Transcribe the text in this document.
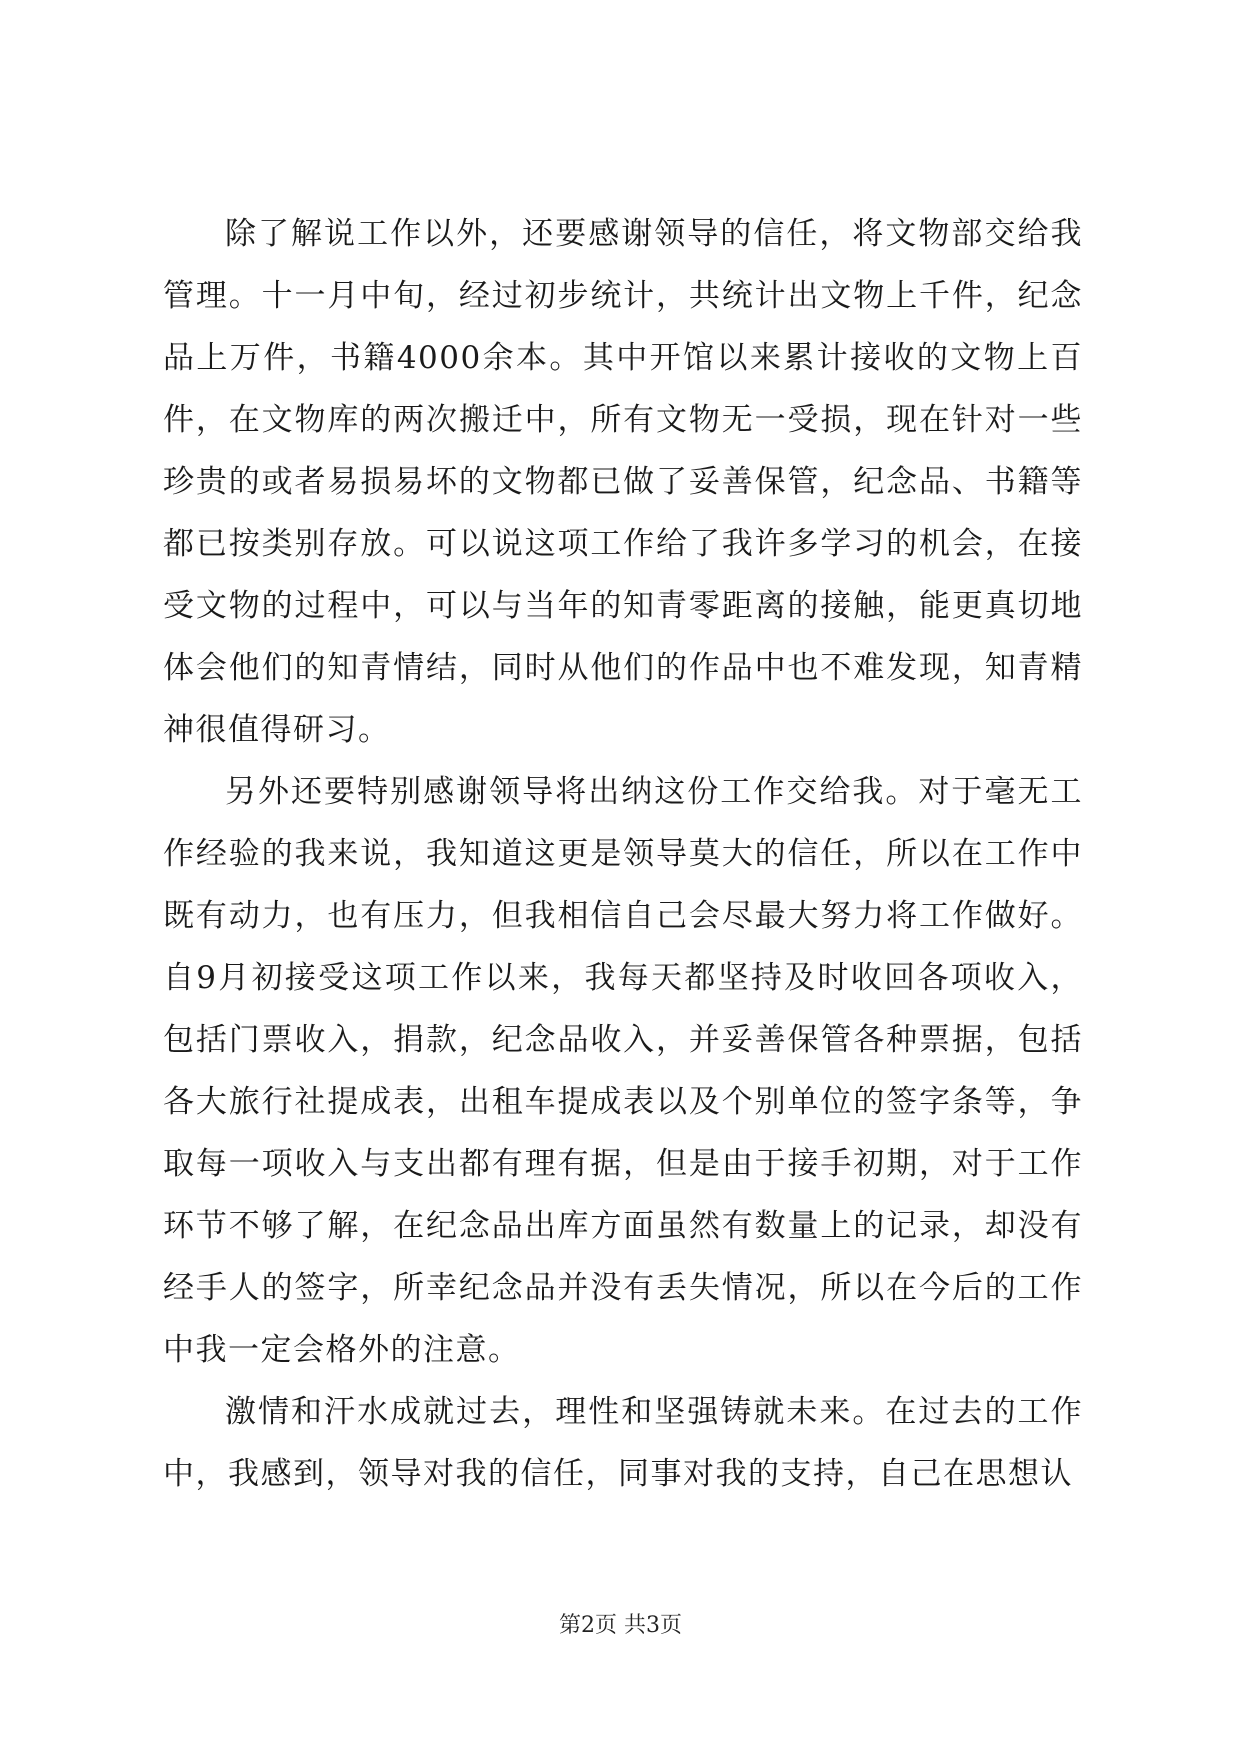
除了解说工作以外，还要感谢领导的信任，将文物部交给我管理。十一月中旬，经过初步统计，共统计出文物上千件，纪念品上万件，书籍4000余本。其中开馆以来累计接收的文物上百件，在文物库的两次搬迁中，所有文物无一受损，现在针对一些珍贵的或者易损易坏的文物都已做了妥善保管，纪念品、书籍等都已按类别存放。可以说这项工作给了我许多学习的机会，在接受文物的过程中，可以与当年的知青零距离的接触，能更真切地体会他们的知青情结，同时从他们的作品中也不难发现，知青精神很值得研习。

另外还要特别感谢领导将出纳这份工作交给我。对于毫无工作经验的我来说，我知道这更是领导莫大的信任，所以在工作中既有动力，也有压力，但我相信自己会尽最大努力将工作做好。自9月初接受这项工作以来，我每天都坚持及时收回各项收入，包括门票收入，捐款，纪念品收入，并妥善保管各种票据，包括各大旅行社提成表，出租车提成表以及个别单位的签字条等，争取每一项收入与支出都有理有据，但是由于接手初期，对于工作环节不够了解，在纪念品出库方面虽然有数量上的记录，却没有经手人的签字，所幸纪念品并没有丢失情况，所以在今后的工作中我一定会格外的注意。

激情和汗水成就过去，理性和坚强铸就未来。在过去的工作中，我感到，领导对我的信任，同事对我的支持，自己在思想认

第2页 共3页
